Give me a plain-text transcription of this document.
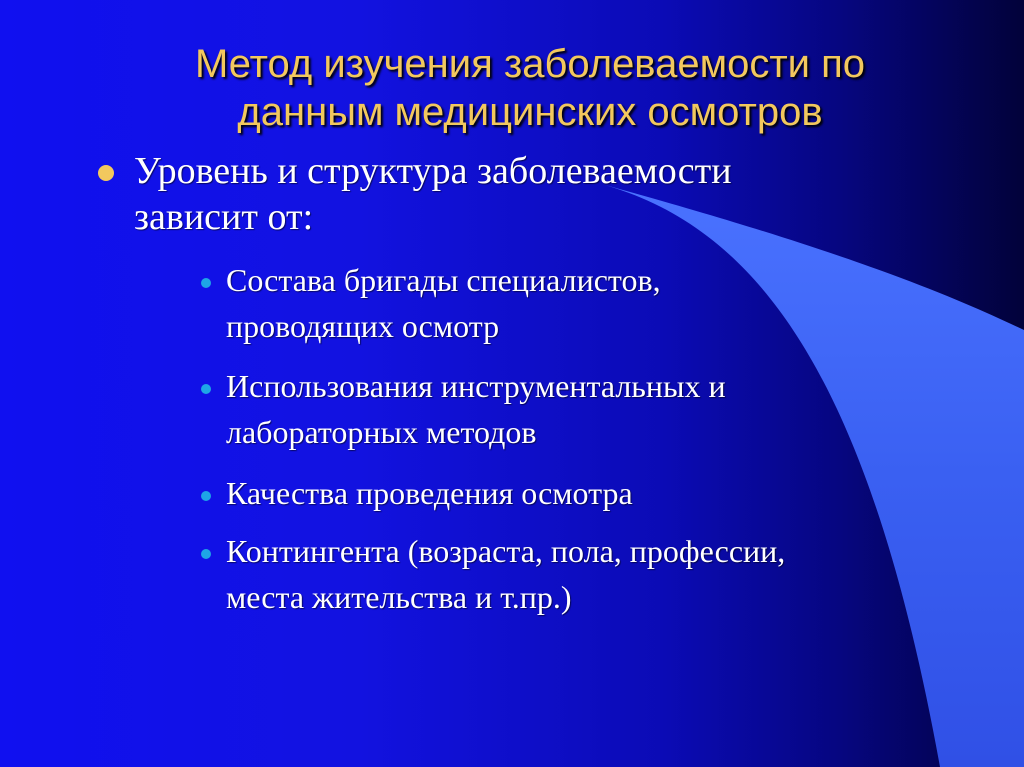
Метод изучения заболеваемости по
данным медицинских осмотров
Уровень и структура заболеваемости
зависит от:
Состава бригады специалистов,
проводящих осмотр
Использования инструментальных и
лабораторных методов
Качества проведения осмотра
Контингента (возраста, пола, профессии,
места жительства и т.пр.)
